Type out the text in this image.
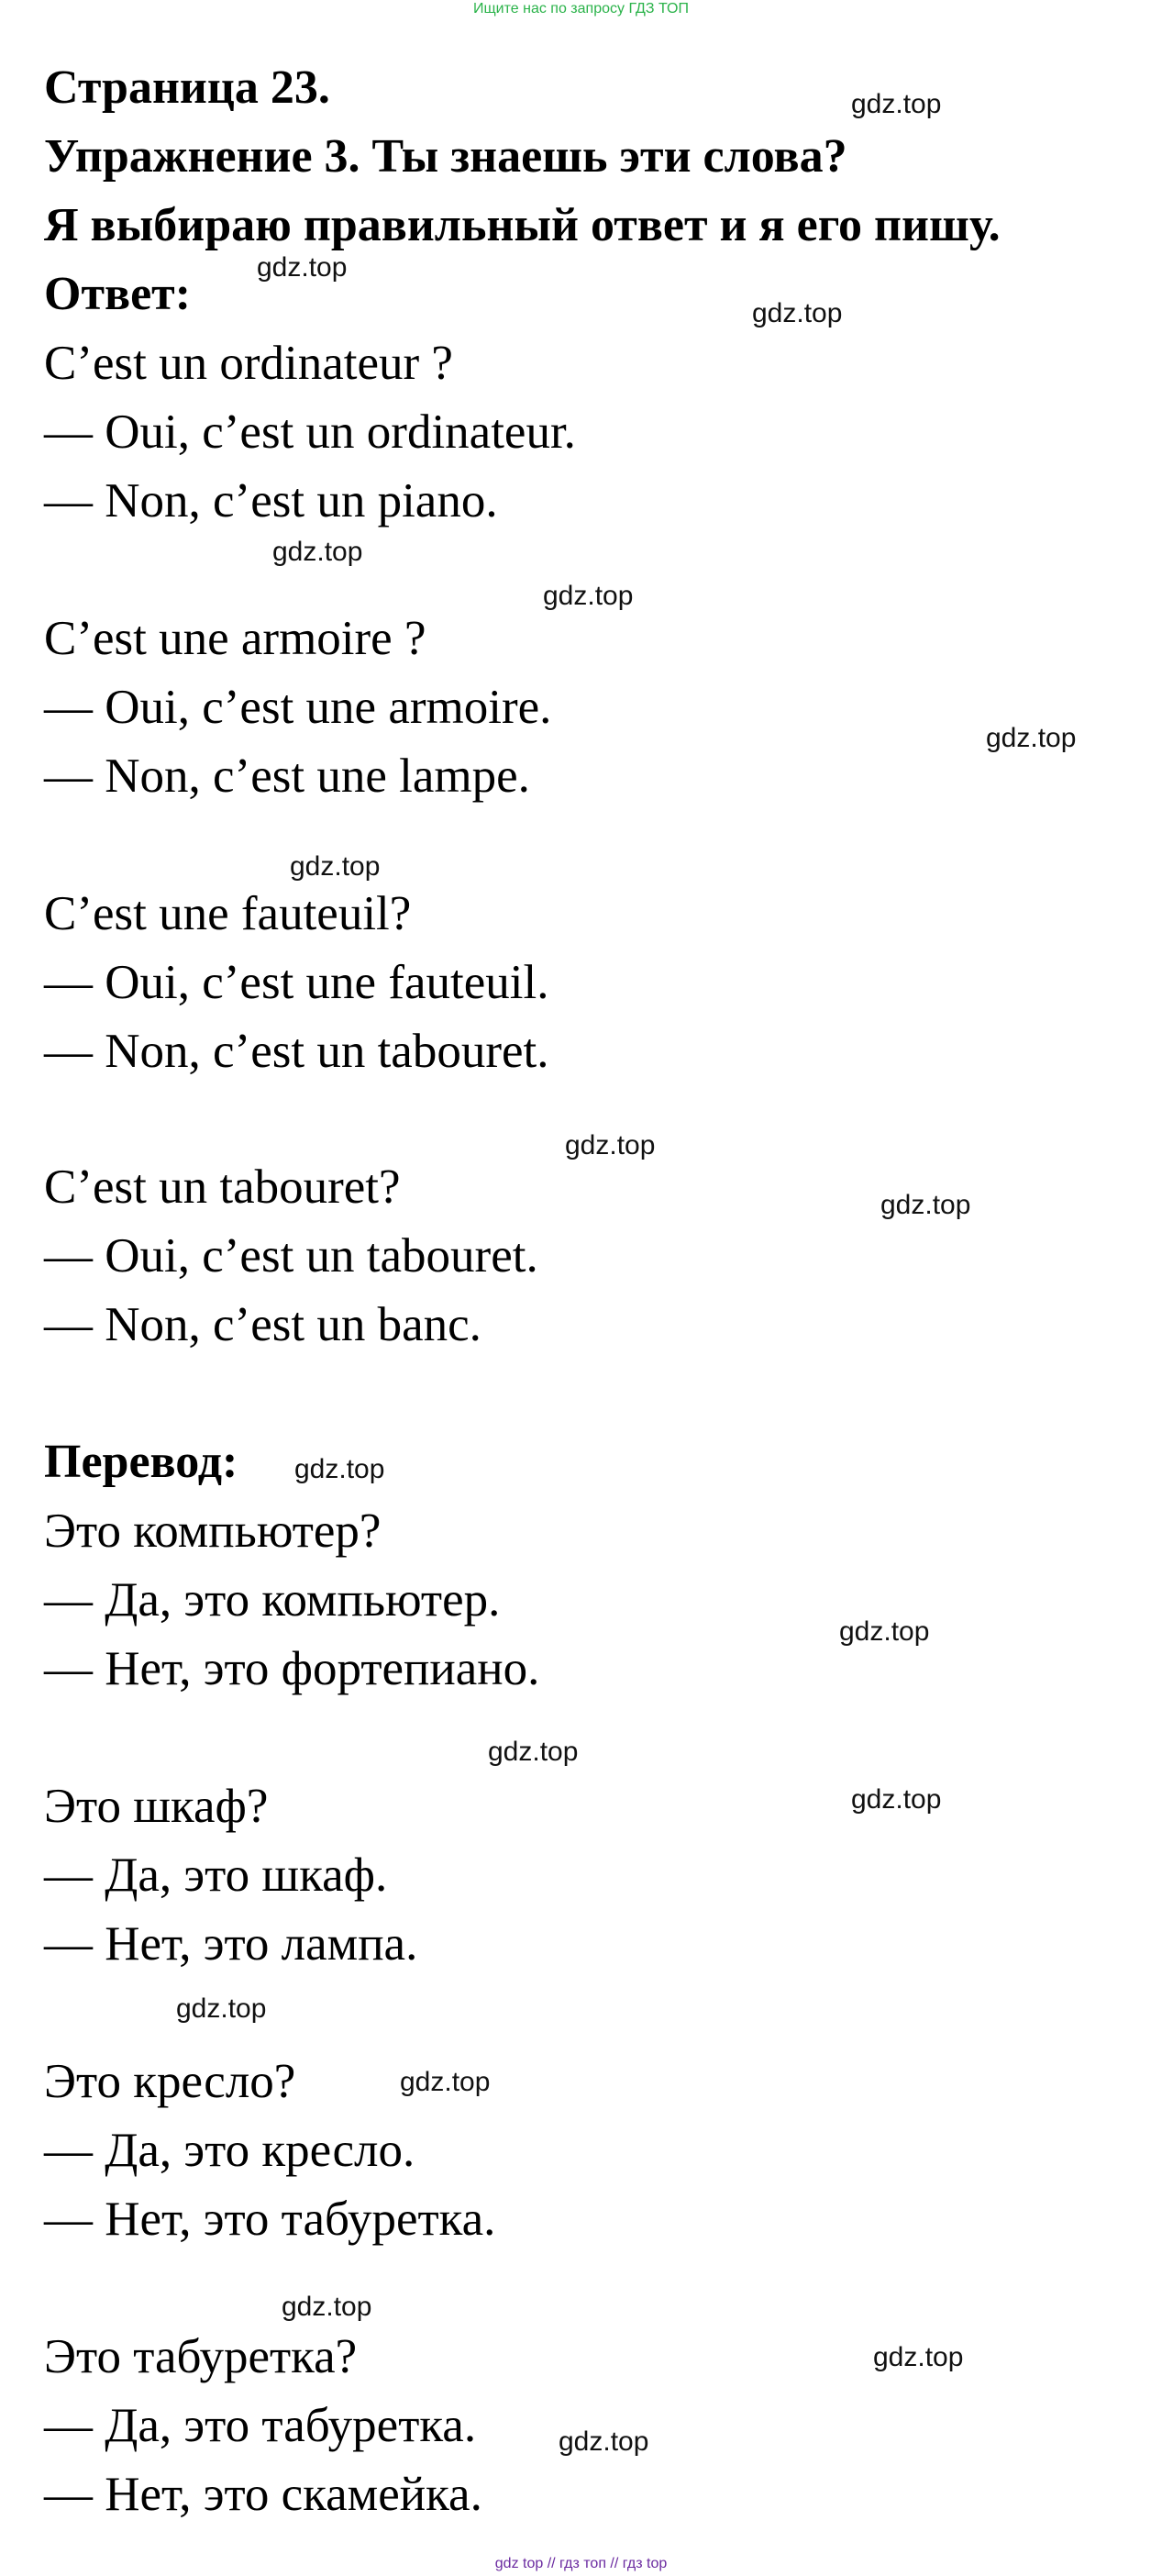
Ищите нас по запросу ГДЗ ТОП
Страница 23.
Упражнение 3. Ты знаешь эти слова?
Я выбираю правильный ответ и я его пишу.
Ответ:
C’est un ordinateur ?
— Oui, c’est un ordinateur.
— Non, c’est un piano.
C’est une armoire ?
— Oui, c’est une armoire.
— Non, c’est une lampe.
C’est une fauteuil?
— Oui, c’est une fauteuil.
— Non, c’est un tabouret.
C’est un tabouret?
— Oui, c’est un tabouret.
— Non, c’est un banc.
Перевод:
Это компьютер?
— Да, это компьютер.
— Нет, это фортепиано.
Это шкаф?
— Да, это шкаф.
— Нет, это лампа.
Это кресло?
— Да, это кресло.
— Нет, это табуретка.
Это табуретка?
— Да, это табуретка.
— Нет, это скамейка.
gdz.top
gdz.top
gdz.top
gdz.top
gdz.top
gdz.top
gdz.top
gdz.top
gdz.top
gdz.top
gdz.top
gdz.top
gdz.top
gdz.top
gdz.top
gdz.top
gdz.top
gdz.top
gdz top // гдз топ // гдз top
